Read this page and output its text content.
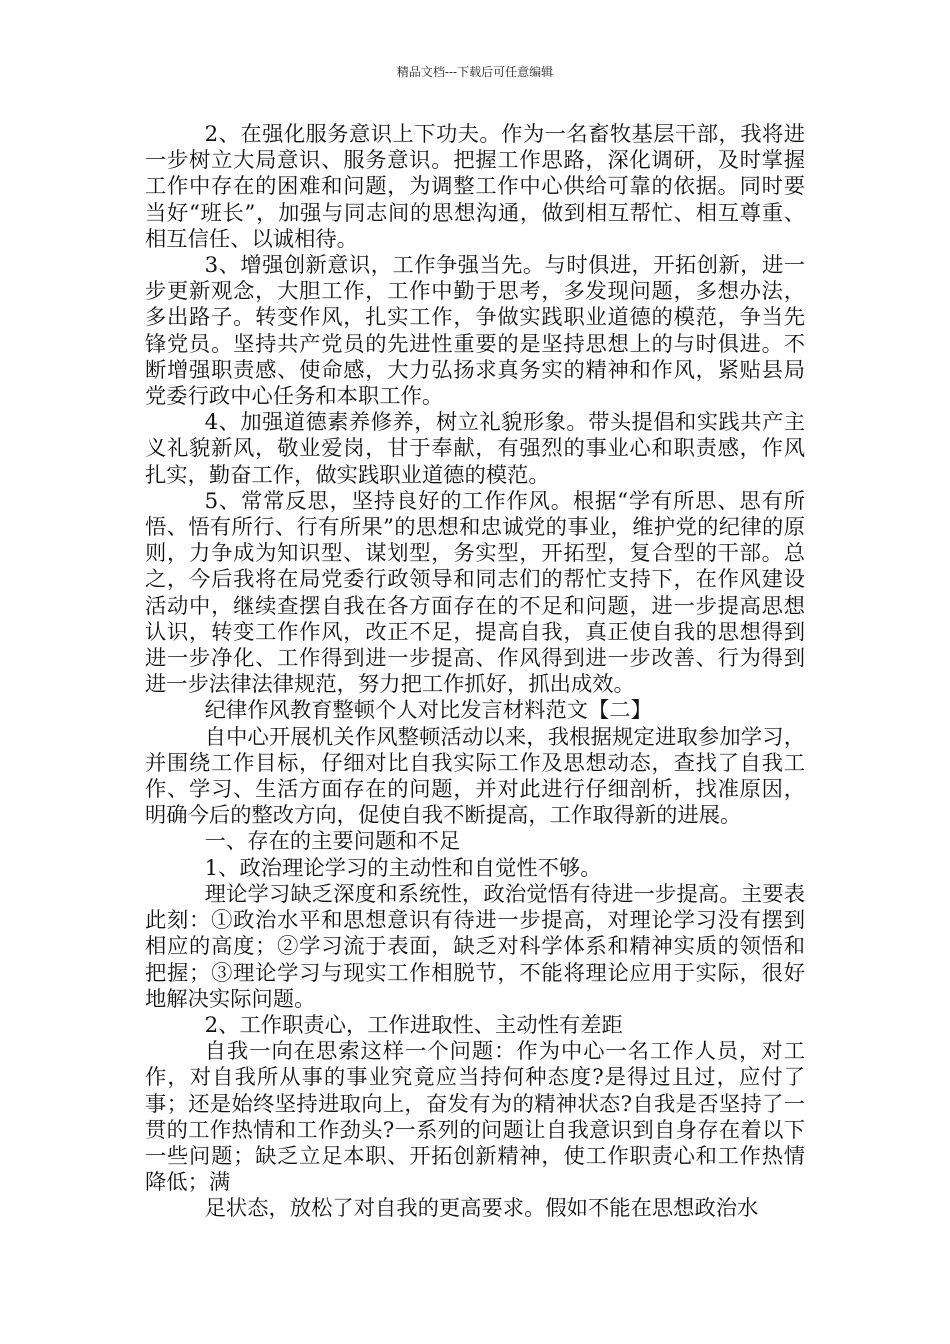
精品文档---下载后可任意编辑

2、在强化服务意识上下功夫。作为一名畜牧基层干部，我将进一步树立大局意识、服务意识。把握工作思路，深化调研，及时掌握工作中存在的困难和问题，为调整工作中心供给可靠的依据。同时要当好“班长”，加强与同志间的思想沟通，做到相互帮忙、相互尊重、相互信任、以诚相待。

3、增强创新意识，工作争强当先。与时俱进，开拓创新，进一步更新观念，大胆工作，工作中勤于思考，多发现问题，多想办法，多出路子。转变作风，扎实工作，争做实践职业道德的模范，争当先锋党员。坚持共产党员的先进性重要的是坚持思想上的与时俱进。不断增强职责感、使命感，大力弘扬求真务实的精神和作风，紧贴县局党委行政中心任务和本职工作。

4、加强道德素养修养，树立礼貌形象。带头提倡和实践共产主义礼貌新风，敬业爱岗，甘于奉献，有强烈的事业心和职责感，作风扎实，勤奋工作，做实践职业道德的模范。

5、常常反思，坚持良好的工作作风。根据“学有所思、思有所悟、悟有所行、行有所果”的思想和忠诚党的事业，维护党的纪律的原则，力争成为知识型、谋划型，务实型，开拓型，复合型的干部。总之，今后我将在局党委行政领导和同志们的帮忙支持下，在作风建设活动中，继续查摆自我在各方面存在的不足和问题，进一步提高思想认识，转变工作作风，改正不足，提高自我，真正使自我的思想得到进一步净化、工作得到进一步提高、作风得到进一步改善、行为得到进一步法律法律规范，努力把工作抓好，抓出成效。

纪律作风教育整顿个人对比发言材料范文【二】

自中心开展机关作风整顿活动以来，我根据规定进取参加学习，并围绕工作目标，仔细对比自我实际工作及思想动态，查找了自我工作、学习、生活方面存在的问题，并对此进行仔细剖析，找准原因，明确今后的整改方向，促使自我不断提高，工作取得新的进展。

一、存在的主要问题和不足

1、政治理论学习的主动性和自觉性不够。

理论学习缺乏深度和系统性，政治觉悟有待进一步提高。主要表此刻：①政治水平和思想意识有待进一步提高，对理论学习没有摆到相应的高度；②学习流于表面，缺乏对科学体系和精神实质的领悟和把握；③理论学习与现实工作相脱节，不能将理论应用于实际，很好地解决实际问题。

2、工作职责心，工作进取性、主动性有差距

自我一向在思索这样一个问题：作为中心一名工作人员，对工作，对自我所从事的事业究竟应当持何种态度?是得过且过，应付了事；还是始终坚持进取向上，奋发有为的精神状态?自我是否坚持了一贯的工作热情和工作劲头?一系列的问题让自我意识到自身存在着以下一些问题；缺乏立足本职、开拓创新精神，使工作职责心和工作热情降低；满

足状态，放松了对自我的更高要求。假如不能在思想政治水
